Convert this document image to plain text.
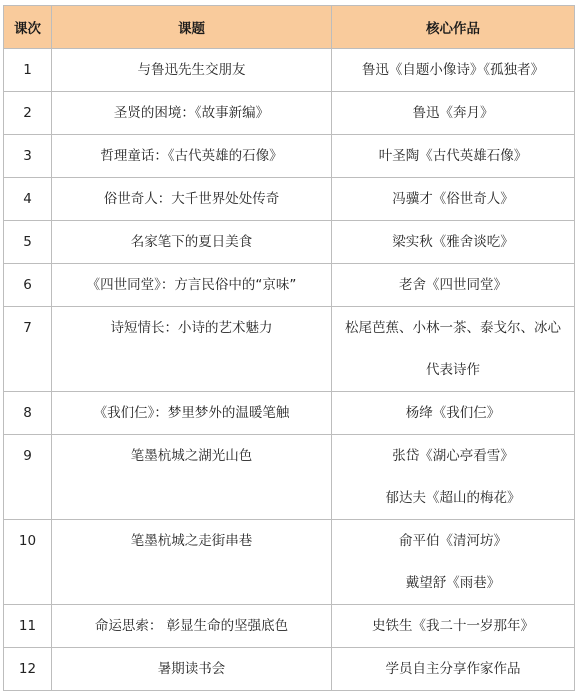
课次	课题	核心作品
1	与鲁迅先生交朋友	鲁迅《自题小像诗》《孤独者》

2	圣贤的困境：《故事新编》	鲁迅《奔月》

3	哲理童话：《古代英雄的石像》	叶圣陶《古代英雄石像》

4	俗世奇人：大千世界处处传奇	冯骥才《俗世奇人》

5	名家笔下的夏日美食	梁实秋《雅舍谈吃》

6	《四世同堂》：方言民俗中的“京味”	老舍《四世同堂》

7	诗短情长：小诗的艺术魅力	松尾芭蕉、小林一茶、泰戈尔、冰心
代表诗作

8	《我们仨》：梦里梦外的温暖笔触	杨绛《我们仨》

9	笔墨杭城之湖光山色	张岱《湖心亭看雪》
郁达夫《超山的梅花》

10	笔墨杭城之走街串巷	俞平伯《清河坊》
戴望舒《雨巷》

11	命运思索： 彰显生命的坚强底色	史铁生《我二十一岁那年》

12	暑期读书会	学员自主分享作家作品
